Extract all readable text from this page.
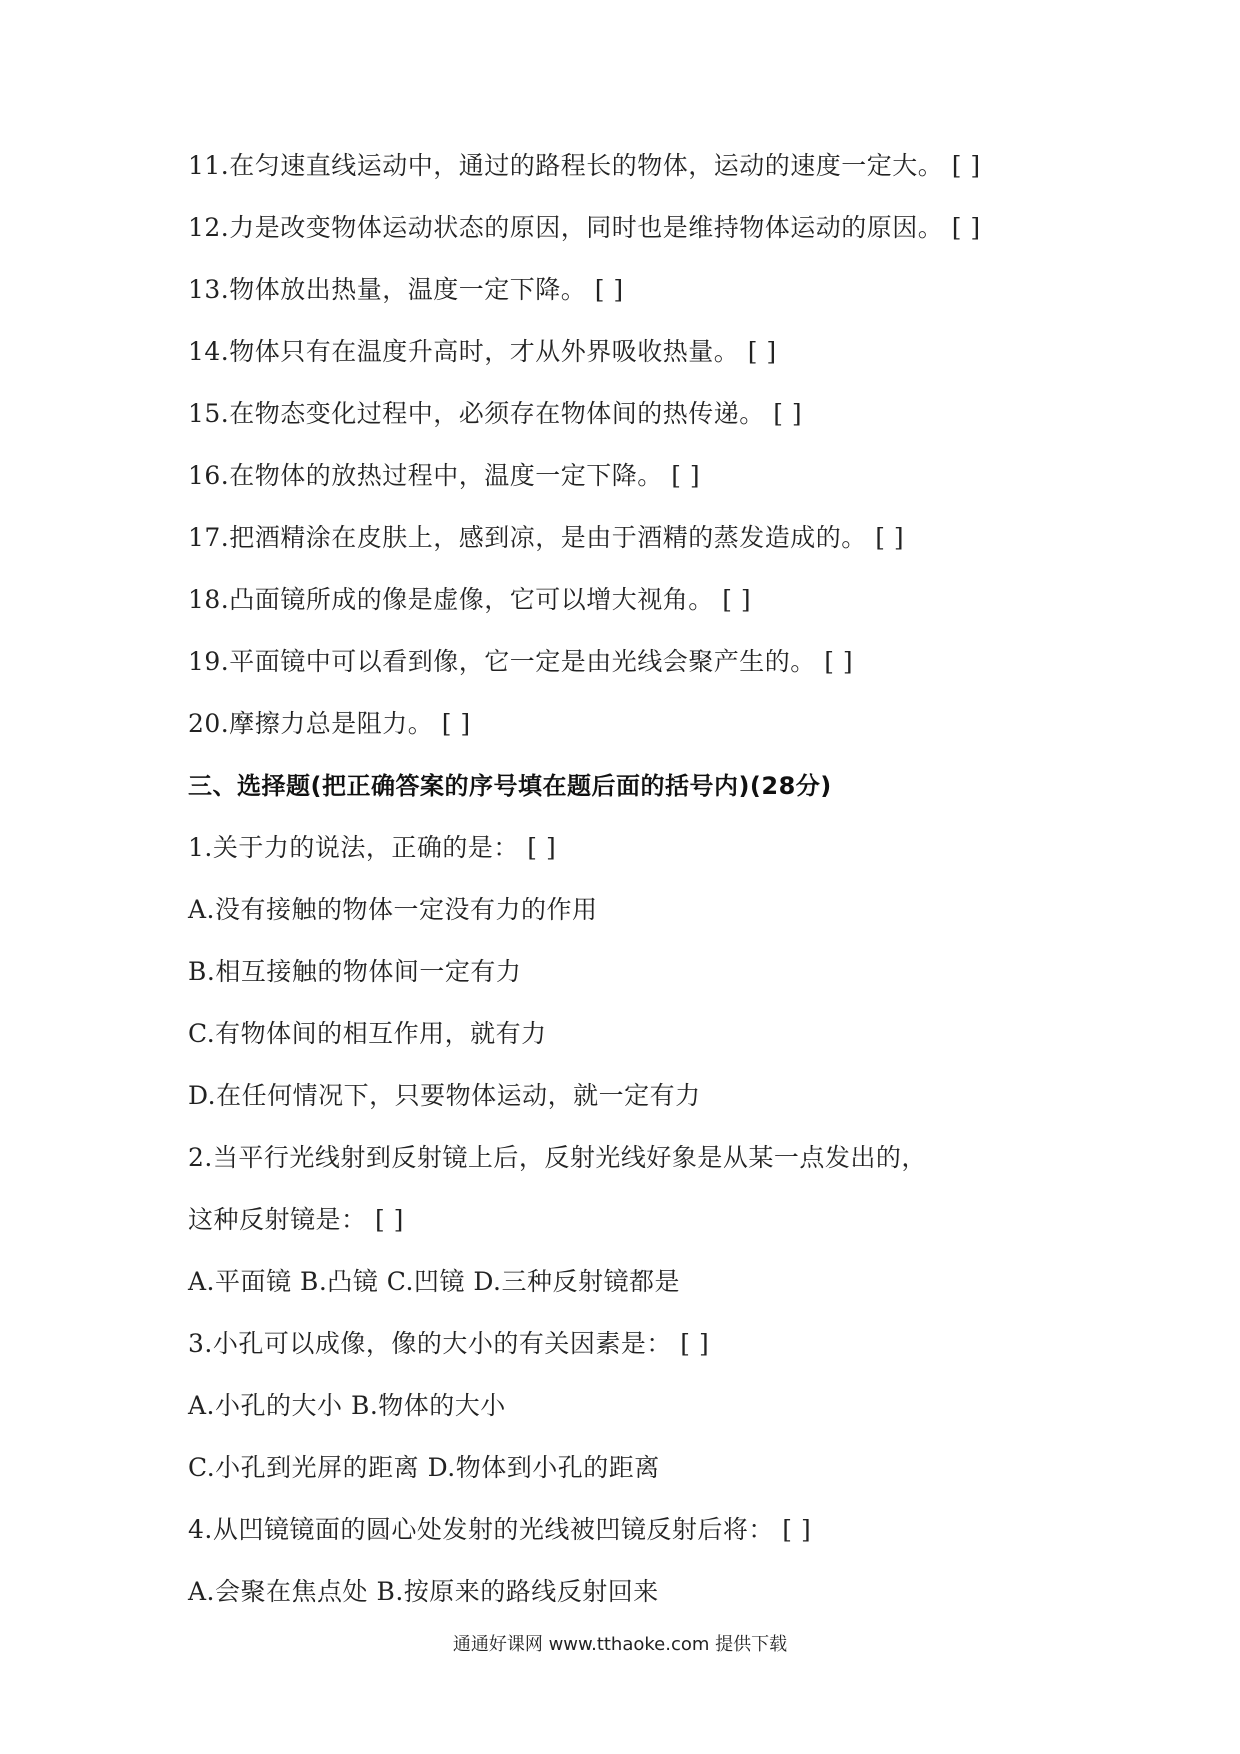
11.在匀速直线运动中，通过的路程长的物体，运动的速度一定大。 [ ]
12.力是改变物体运动状态的原因，同时也是维持物体运动的原因。 [ ]
13.物体放出热量，温度一定下降。 [ ]
14.物体只有在温度升高时，才从外界吸收热量。 [ ]
15.在物态变化过程中，必须存在物体间的热传递。 [ ]
16.在物体的放热过程中，温度一定下降。 [ ]
17.把酒精涂在皮肤上，感到凉，是由于酒精的蒸发造成的。 [ ]
18.凸面镜所成的像是虚像，它可以增大视角。 [ ]
19.平面镜中可以看到像，它一定是由光线会聚产生的。 [ ]
20.摩擦力总是阻力。 [ ]
三、选择题(把正确答案的序号填在题后面的括号内)(28分)
1.关于力的说法，正确的是： [ ]
A.没有接触的物体一定没有力的作用
B.相互接触的物体间一定有力
C.有物体间的相互作用，就有力
D.在任何情况下，只要物体运动，就一定有力
2.当平行光线射到反射镜上后，反射光线好象是从某一点发出的，
这种反射镜是： [ ]
A.平面镜 B.凸镜 C.凹镜 D.三种反射镜都是
3.小孔可以成像，像的大小的有关因素是： [ ]
A.小孔的大小 B.物体的大小
C.小孔到光屏的距离 D.物体到小孔的距离
4.从凹镜镜面的圆心处发射的光线被凹镜反射后将： [ ]
A.会聚在焦点处 B.按原来的路线反射回来
通通好课网 www.tthaoke.com 提供下载
